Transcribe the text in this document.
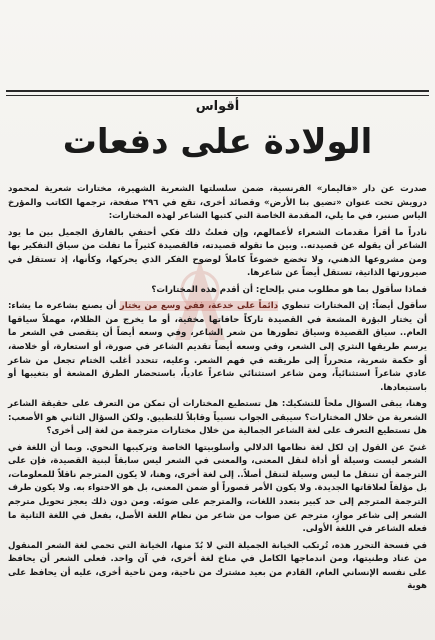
أقواس
الولادة على دفعات

صدرت عن دار «فاليمار» الفرنسية، ضمن سلسلتها الشعرية الشهيرة، مختارات شعرية لمحمود درويش تحت عنوان «تضيق بنا الأرض» وقصائد أخرى، تقع في ٢٩٦ صفحة، ترجمها الكاتب والمؤرخ الياس صنبر، في ما يلي، المقدمة الخاصة التي كتبها الشاعر لهذه المختارات:

نادراً ما أقرأ مقدمات الشعراء لأعمالهم، وإن فعلتُ ذلك فكي أحتفي بالفارق الجميل بين ما يود الشاعر أن يقوله عن قصيدته.. وبين ما تقوله قصيدته، فالقصيدة كثيراً ما تفلت من سياق التفكير بها ومن مشروعها الذهني، ولا تخضع خضوعاً كاملاً لوضوح الفكر الذي يحركها، وكأنها، إذ تستقل في صيرورتها الذاتية، تستقل أيضاً عن شاعرها.

فماذا سأقول بما هو مطلوب مني بإلحاح: أن أقدم هذه المختارات؟

سأقول أيضاً: إن المختارات تنطوي دائماً على خدعة، ففي وسع من يختار أن يصنع بشاعره ما يشاء: أن يختار البؤرة المشعة في القصيدة تاركاً حافاتها مخفية، أو ما يخرج من الظلام، مهملاً سياقها العام.. سياق القصيدة وسياق تطورها من شعر الشاعر، وفي وسعه أيضاً أن يتقصى في الشعر ما يرسم طريقها النثري إلى الشعر، وفي وسعه أيضاً تقديم الشاعر في صورة، أو استعارة، أو خلاصة، أو حكمة شعرية، متحرراً إلى طريقته في فهم الشعر. وعليه، تتحدد أغلب الختام تجعل من شاعر عادي شاعراً استثنائياً، ومن شاعر استثنائي شاعراً عادياً، باستحضار الطرق المشعة أو بتغيبها أو باستبعادها.

وهنا، يبقى السؤال ملحاً للتشكيك: هل تستطيع المختارات أن تمكن من التعرف على حقيقة الشاعر الشعرية من خلال المختارات؟ سيبقى الجواب نسبياً وقابلاً للتطبيق. ولكن السؤال الثاني هو الأصعب: هل تستطيع التعرف على لغة الشاعر الجمالية من خلال مختارات مترجمة من لغة إلى أخرى؟

غنيّ عن القول إن لكل لغة نظامها الدلالي وأسلوبيتها الخاصة وتركيبها النحوي. وبما أن اللغة في الشعر ليست وسيلة أو أداة لنقل المعنى، والمعنى في الشعر ليس سابقاً لبنية القصيدة، فإن على الترجمة أن تنتقل ما ليس وسيلة لتنقل أصلاً.. إلى لغة أخرى، وهنا، لا يكون المترجم ناقلاً للمعلومات، بل مؤلفاً لعلاقاتها الجديدة. ولا يكون الأمر قصوراً أو ضمن المعنى، بل هو الاحتواء به. ولا يكون طرف الترجمة المترجم إلى حد كبير بتعدد اللغات، والمترجم على ضوئه. ومن دون ذلك يعجز تحويل مترجم الشعر إلى شاعر موازٍ، مترجم عن صواب من شاعر من نظام اللغة الأصل، بفعل في اللغة الثانية ما فعله الشاعر في اللغة الأولى.

في فسحة التحرر هذه، تُرتكب الخيانة الجميلة التي لا بُدّ منها، الخيانة التي تحمي لغة الشعر المنقول من عناد وطنيتها، ومن اندماجها الكامل في مناخ لغة أخرى، في آن واحد. فعلى الشعر أن يحافظ على نفسه الإنساني العام، القادم من بعيد مشترك من ناحية، ومن ناحية أخرى، عليه أن يحافظ على هوية
